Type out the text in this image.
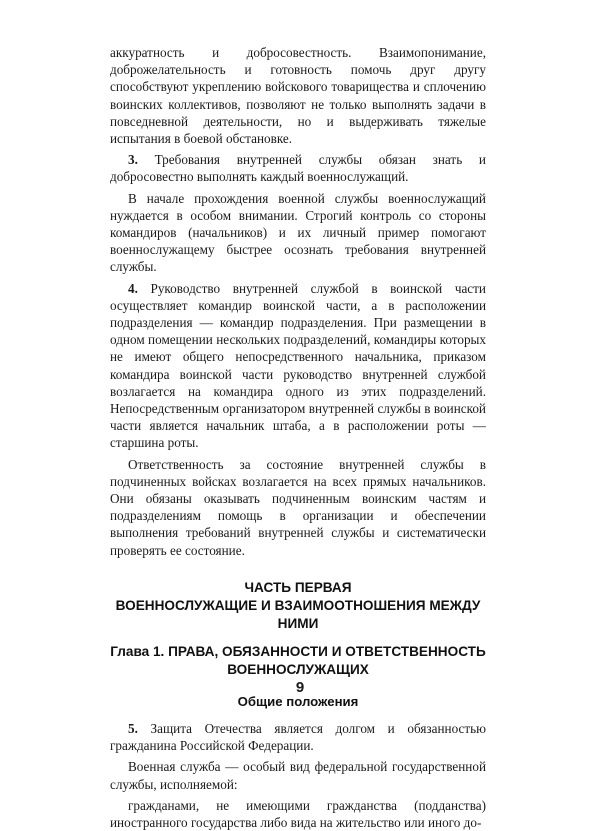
аккуратность и добросовестность. Взаимопонимание, доброжелательность и готовность помочь друг другу способствуют укреплению войскового товарищества и сплочению воинских коллективов, позволяют не только выполнять задачи в повседневной деятельности, но и выдерживать тяжелые испытания в боевой обстановке.

3. Требования внутренней службы обязан знать и добросовестно выполнять каждый военнослужащий.

В начале прохождения военной службы военнослужащий нуждается в особом внимании. Строгий контроль со стороны командиров (начальников) и их личный пример помогают военнослужащему быстрее осознать требования внутренней службы.

4. Руководство внутренней службой в воинской части осуществляет командир воинской части, а в расположении подразделения — командир подразделения. При размещении в одном помещении нескольких подразделений, командиры которых не имеют общего непосредственного начальника, приказом командира воинской части руководство внутренней службой возлагается на командира одного из этих подразделений. Непосредственным организатором внутренней службы в воинской части является начальник штаба, а в расположении роты — старшина роты.

Ответственность за состояние внутренней службы в подчиненных войсках возлагается на всех прямых начальников. Они обязаны оказывать подчиненным воинским частям и подразделениям помощь в организации и обеспечении выполнения требований внутренней службы и систематически проверять ее состояние.

ЧАСТЬ ПЕРВАЯ
ВОЕННОСЛУЖАЩИЕ И ВЗАИМООТНОШЕНИЯ МЕЖДУ НИМИ
Глава 1. ПРАВА, ОБЯЗАННОСТИ И ОТВЕТСТВЕННОСТЬ
ВОЕННОСЛУЖАЩИХ
Общие положения

5. Защита Отечества является долгом и обязанностью гражданина Российской Федерации.

Военная служба — особый вид федеральной государственной службы, исполняемой:

гражданами, не имеющими гражданства (подданства) иностранного государства либо вида на жительство или иного до-

9
